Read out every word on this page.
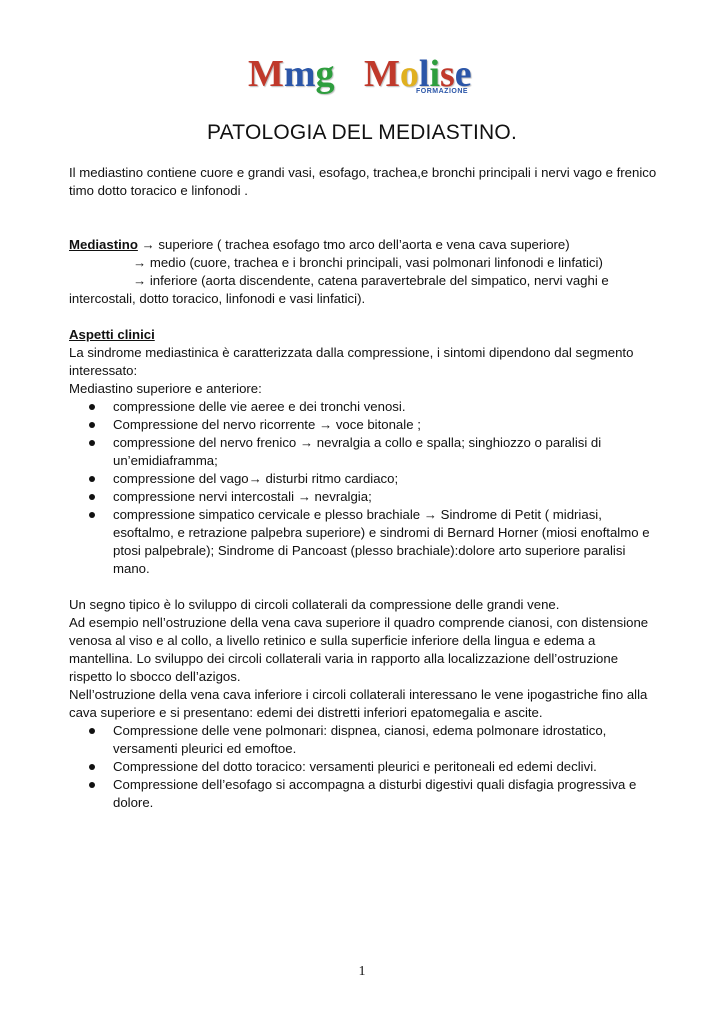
Mmg Molise
FORMAZIONE
PATOLOGIA DEL MEDIASTINO.

Il mediastino contiene cuore e grandi vasi, esofago, trachea,e bronchi principali i nervi vago e frenico timo dotto toracico e linfonodi .

Mediastino → superiore ( trachea esofago tmo arco dell’aorta e vena cava superiore)

→ medio (cuore, trachea e i bronchi principali, vasi polmonari linfonodi e linfatici)

→ inferiore (aorta discendente, catena paravertebrale del simpatico, nervi vaghi e intercostali, dotto toracico, linfonodi e vasi linfatici).

Aspetti clinici

La sindrome mediastinica è caratterizzata dalla compressione, i sintomi dipendono dal segmento interessato:

Mediastino superiore e anteriore:

compressione delle vie aeree e dei tronchi venosi.
Compressione del nervo ricorrente → voce bitonale ;
compressione del nervo frenico → nevralgia a collo e spalla; singhiozzo o paralisi di un’emidiaframma;
compressione del vago→ disturbi ritmo cardiaco;
compressione nervi intercostali → nevralgia;
compressione simpatico cervicale e plesso brachiale → Sindrome di Petit ( midriasi, esoftalmo, e retrazione palpebra superiore) e sindromi di Bernard Horner (miosi enoftalmo e ptosi palpebrale); Sindrome di Pancoast (plesso brachiale):dolore arto superiore paralisi mano.

Un segno tipico è lo sviluppo di circoli collaterali da compressione delle grandi vene.

Ad esempio nell’ostruzione della vena cava superiore il quadro comprende cianosi, con distensione venosa al viso e al collo, a livello retinico e sulla superficie inferiore della lingua e edema a mantellina. Lo sviluppo dei circoli collaterali varia in rapporto alla localizzazione dell’ostruzione rispetto lo sbocco dell’azigos.

Nell’ostruzione della vena cava inferiore i circoli collaterali interessano le vene ipogastriche fino alla cava superiore e si presentano: edemi dei distretti inferiori epatomegalia e ascite.

Compressione delle vene polmonari: dispnea, cianosi, edema polmonare idrostatico, versamenti pleurici ed emoftoe.
Compressione del dotto toracico: versamenti pleurici e peritoneali ed edemi declivi.
Compressione dell’esofago si accompagna a disturbi digestivi quali disfagia progressiva e dolore.
1
